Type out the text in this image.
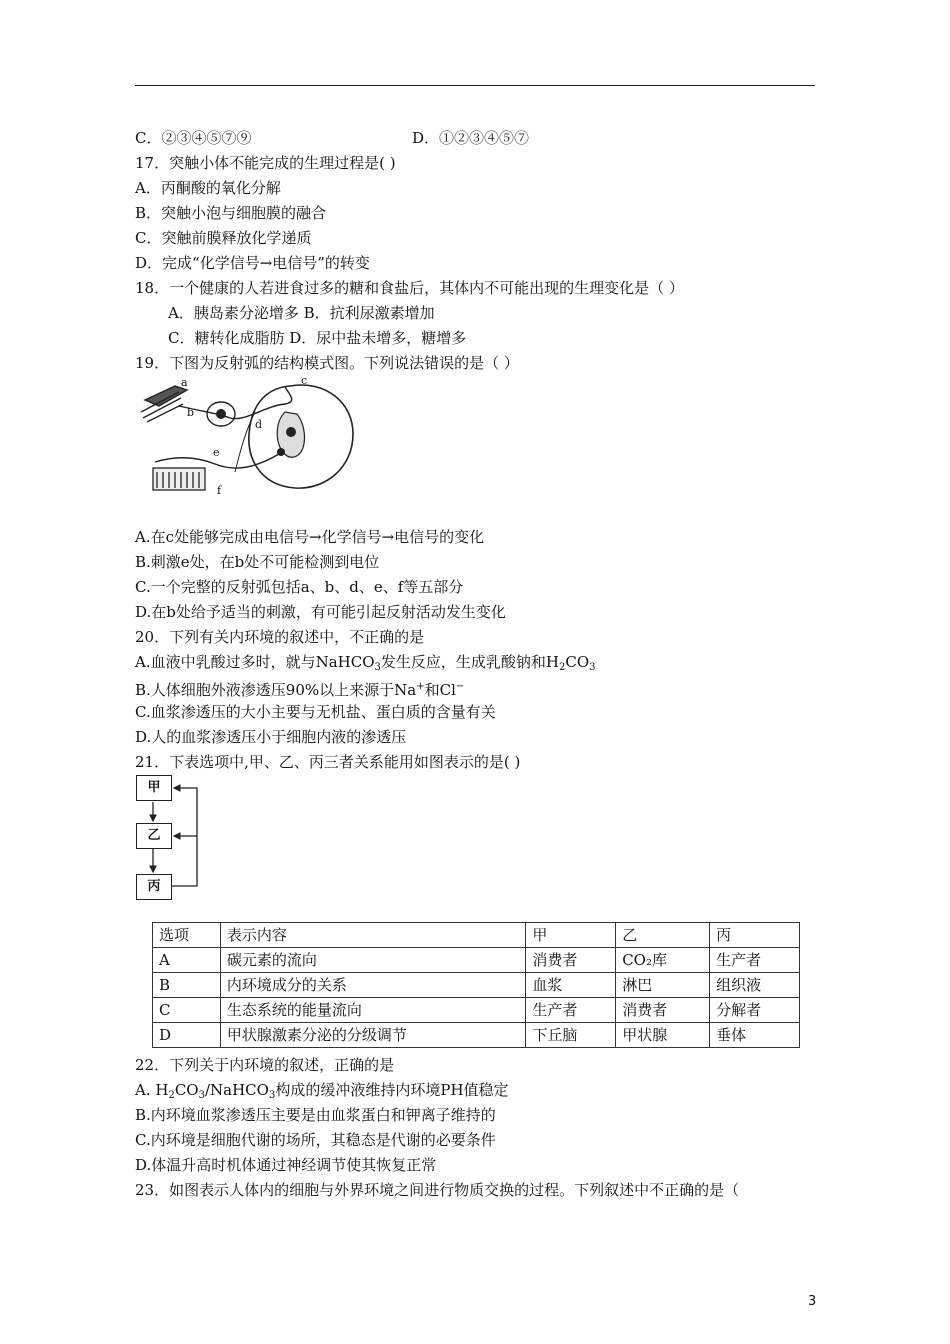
C．②③④⑤⑦⑨	D．①②③④⑤⑦
17．突触小体不能完成的生理过程是( )
A．丙酮酸的氧化分解
B．突触小泡与细胞膜的融合
C．突触前膜释放化学递质
D．完成“化学信号→电信号”的转变
18．一个健康的人若进食过多的糖和食盐后，其体内不可能出现的生理变化是（ ）
A．胰岛素分泌增多 B．抗利尿激素增加
C．糖转化成脂肪 D．尿中盐未增多，糖增多
19．下图为反射弧的结构模式图。下列说法错误的是（ ）
A.在c处能够完成由电信号→化学信号→电信号的变化
B.刺激e处，在b处不可能检测到电位
C.一个完整的反射弧包括a、b、d、e、f等五部分
D.在b处给予适当的刺激，有可能引起反射活动发生变化
20．下列有关内环境的叙述中，不正确的是
a
b
c
d
e
f
A.血液中乳酸过多时，就与NaHCO$_3$发生反应，生成乳酸钠和$H_2CO_3$
B.人体细胞外液渗透压90%以上来源于Na+和Cl−
C.血浆渗透压的大小主要与无机盐、蛋白质的含量有关
D.人的血浆渗透压小于细胞内液的渗透压
21．下表选项中,甲、乙、丙三者关系能用如图表示的是( )
甲
乙
丙
选项	表示内容	甲	乙	丙
A	碳元素的流向	消费者	CO₂库	生产者
B	内环境成分的关系	血浆	淋巴	组织液
C	生态系统的能量流向	生产者	消费者	分解者
D	甲状腺激素分泌的分级调节	下丘脑	甲状腺	垂体
22．下列关于内环境的叙述，正确的是
A. $H_2CO_3/NaHCO_3$构成的缓冲液维持内环境PH值稳定
B.内环境血浆渗透压主要是由血浆蛋白和钾离子维持的
C.内环境是细胞代谢的场所，其稳态是代谢的必要条件
D.体温升高时机体通过神经调节使其恢复正常
23．如图表示人体内的细胞与外界环境之间进行物质交换的过程。下列叙述中不正确的是（
3
